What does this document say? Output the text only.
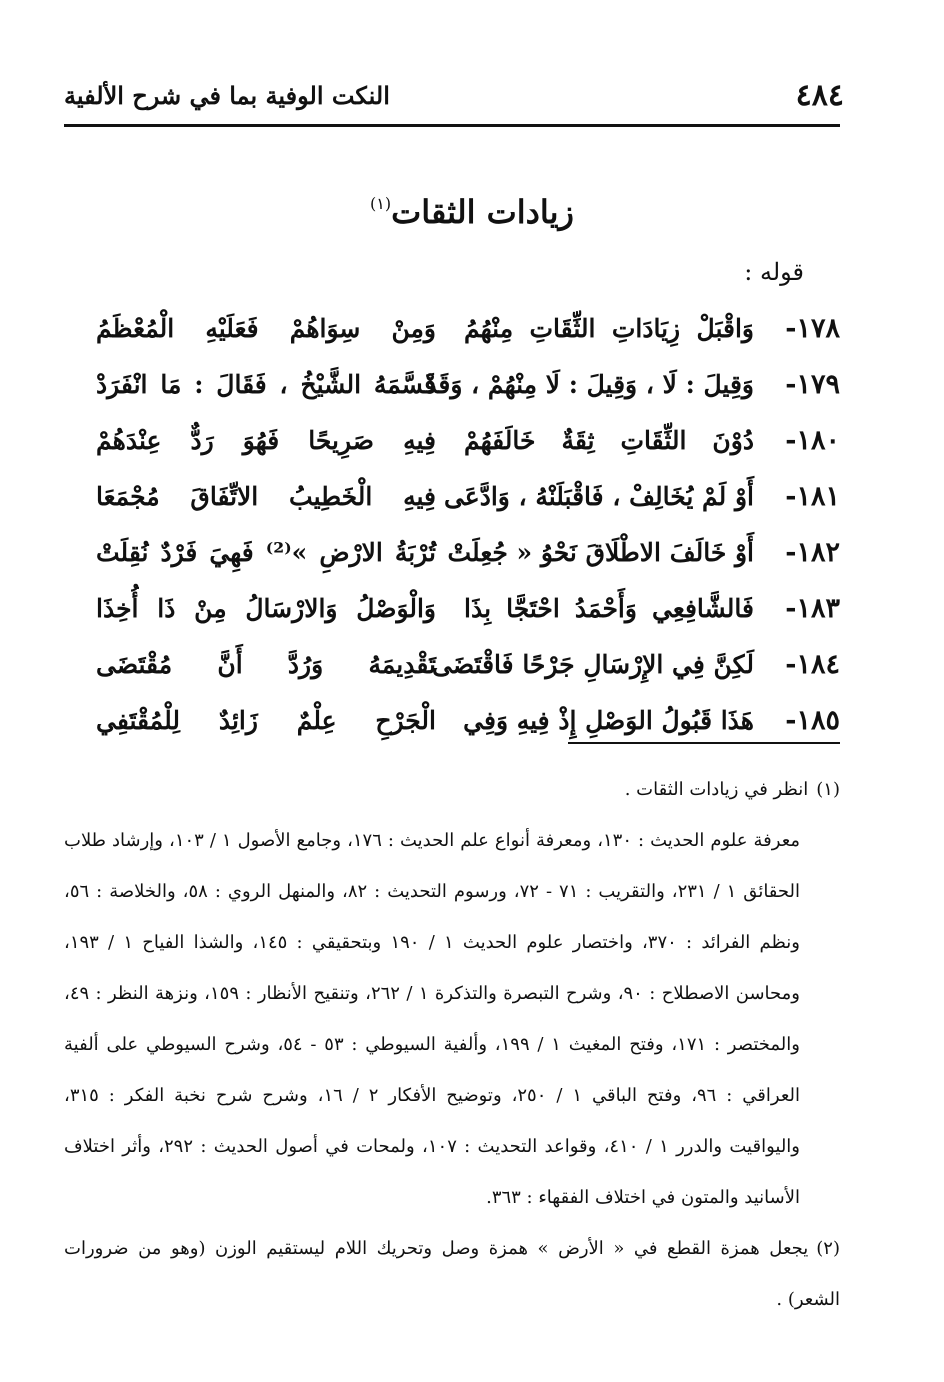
٤٨٤
النكت الوفية بما في شرح الألفية
زيادات الثقات$^{(١)}$
قوله :
١٧٨-
وَاقْبَلْ زِيَادَاتِ الثِّقَاتِ مِنْهُمُ
وَمِنْ سِوَاهُمْ فَعَلَيْهِ الْمُعْظَمُ
١٧٩-
وَقِيلَ : لَا ، وَقِيلَ : لَا مِنْهُمْ ، وَقَدْ
قَسَّمَهُ الشَّيْخُ ، فَقَالَ : مَا انْفَرَدْ
١٨٠-
دُوْنَ الثِّقَاتِ ثِقَةٌ خَالَفَهُمْ
فِيهِ صَرِيحًا فَهُوَ رَدٌّ عِنْدَهُمْ
١٨١-
أَوْ لَمْ يُخَالِفْ ، فَاقْبَلَنْهُ ، وَادَّعَى
فِيهِ الْخَطِيبُ الاتِّفَاقَ مُجْمَعَا
١٨٢-
أَوْ خَالَفَ الاطْلَاقَ نَحْوُ « جُعِلَتْ
تُرْبَةُ الارْضِ »⁽²⁾ فَهِيَ فَرْدٌ نُقِلَتْ
١٨٣-
فَالشَّافِعِي وَأَحْمَدُ احْتَجَّا بِذَا
وَالْوَصْلُ وَالارْسَالُ مِنْ ذَا أُخِذَا
١٨٤-
لَكِنَّ فِي الإِرْسَالِ جَرْحًا فَاقْتَضَى
تَقْدِيمَهُ وَرُدَّ أَنَّ مُقْتَضَى
١٨٥-
هَذَا قَبُولُ الوَصْلِ إِذْ فِيهِ وَفِي
الْجَرْحِ عِلْمٌ زَائِدٌ لِلْمُقْتَفِي
(١)انظر في زيادات الثقات .
معرفة علوم الحديث : ١٣٠، ومعرفة أنواع علم الحديث : ١٧٦، وجامع الأصول ١ / ١٠٣، وإرشاد طلاب الحقائق ١ / ٢٣١، والتقريب : ٧١ - ٧٢، ورسوم التحديث : ٨٢، والمنهل الروي : ٥٨، والخلاصة : ٥٦، ونظم الفرائد : ٣٧٠، واختصار علوم الحديث ١ / ١٩٠ وبتحقيقي : ١٤٥، والشذا الفياح ١ / ١٩٣، ومحاسن الاصطلاح : ٩٠، وشرح التبصرة والتذكرة ١ / ٢٦٢، وتنقيح الأنظار : ١٥٩، ونزهة النظر : ٤٩، والمختصر : ١٧١، وفتح المغيث ١ / ١٩٩، وألفية السيوطي : ٥٣ - ٥٤، وشرح السيوطي على ألفية العراقي : ٩٦، وفتح الباقي ١ / ٢٥٠، وتوضيح الأفكار ٢ / ١٦، وشرح شرح نخبة الفكر : ٣١٥، واليواقيت والدرر ١ / ٤١٠، وقواعد التحديث : ١٠٧، ولمحات في أصول الحديث : ٢٩٢، وأثر اختلاف الأسانيد والمتون في اختلاف الفقهاء : ٣٦٣.
(٢)يجعل همزة القطع في « الأرض » همزة وصل وتحريك اللام ليستقيم الوزن (وهو من ضرورات الشعر) .
